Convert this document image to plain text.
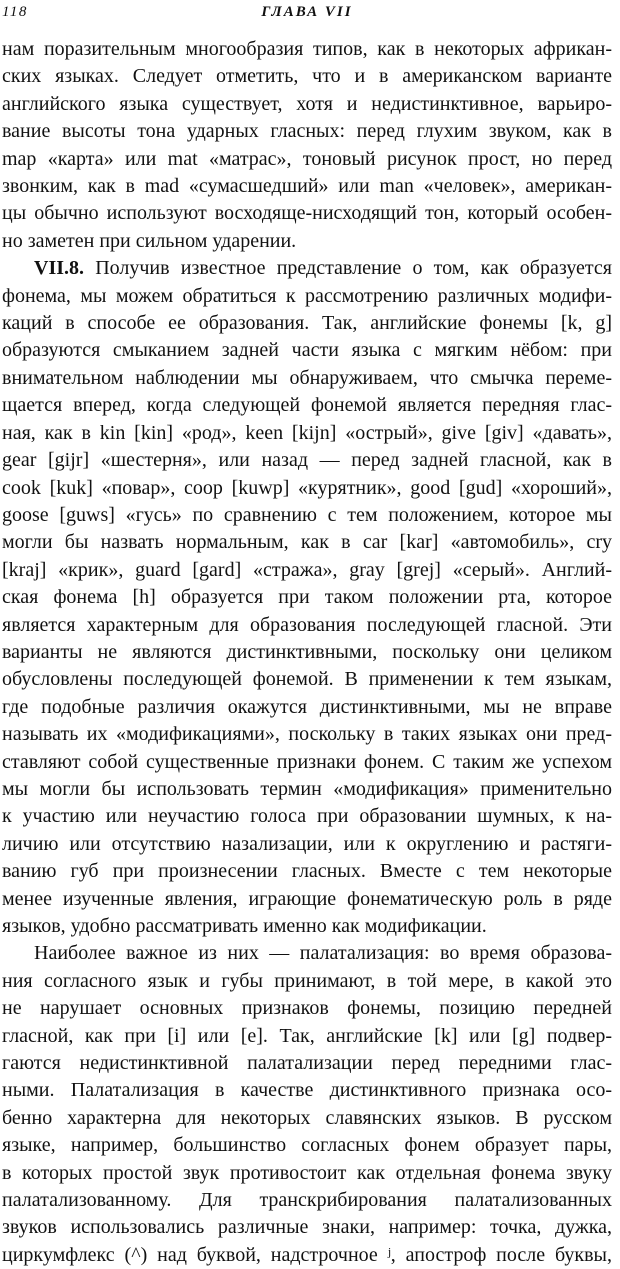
118	ГЛАВА VII
нам поразительным многообразия типов, как в некоторых африкан-
ских языках. Следует отметить, что и в американском варианте
английского языка существует, хотя и недистинктивное, варьиро-
вание высоты тона ударных гласных: перед глухим звуком, как в
map «карта» или mat «матрас», тоновый рисунок прост, но перед
звонким, как в mad «сумасшедший» или man «человек», американ-
цы обычно используют восходяще-нисходящий тон, который особен-
но заметен при сильном ударении.
VII.8. Получив известное представление о том, как образуется
фонема, мы можем обратиться к рассмотрению различных модифи-
каций в способе ее образования. Так, английские фонемы [k, g]
образуются смыканием задней части языка с мягким нёбом: при
внимательном наблюдении мы обнаруживаем, что смычка переме-
щается вперед, когда следующей фонемой является передняя глас-
ная, как в kin [kin] «род», keen [kijn] «острый», give [giv] «давать»,
gear [gijr] «шестерня», или назад — перед задней гласной, как в
cook [kuk] «повар», coop [kuwp] «курятник», good [gud] «хороший»,
goose [guws] «гусь» по сравнению с тем положением, которое мы
могли бы назвать нормальным, как в car [kar] «автомобиль», cry
[kraj] «крик», guard [gard] «стража», gray [grej] «серый». Англий-
ская фонема [h] образуется при таком положении рта, которое
является характерным для образования последующей гласной. Эти
варианты не являются дистинктивными, поскольку они целиком
обусловлены последующей фонемой. В применении к тем языкам,
где подобные различия окажутся дистинктивными, мы не вправе
называть их «модификациями», поскольку в таких языках они пред-
ставляют собой существенные признаки фонем. С таким же успехом
мы могли бы использовать термин «модификация» применительно
к участию или неучастию голоса при образовании шумных, к на-
личию или отсутствию назализации, или к округлению и растяги-
ванию губ при произнесении гласных. Вместе с тем некоторые
менее изученные явления, играющие фонематическую роль в ряде
языков, удобно рассматривать именно как модификации.
Наиболее важное из них — палатализация: во время образова-
ния согласного язык и губы принимают, в той мере, в какой это
не нарушает основных признаков фонемы, позицию передней
гласной, как при [i] или [e]. Так, английские [k] или [g] подвер-
гаются недистинктивной палатализации перед передними глас-
ными. Палатализация в качестве дистинктивного признака осо-
бенно характерна для некоторых славянских языков. В русском
языке, например, большинство согласных фонем образует пары,
в которых простой звук противостоит как отдельная фонема звуку
палатализованному. Для транскрибирования палатализованных
звуков использовались различные знаки, например: точка, дужка,
циркумфлекс (^) над буквой, надстрочное ʲ, апостроф после буквы,
